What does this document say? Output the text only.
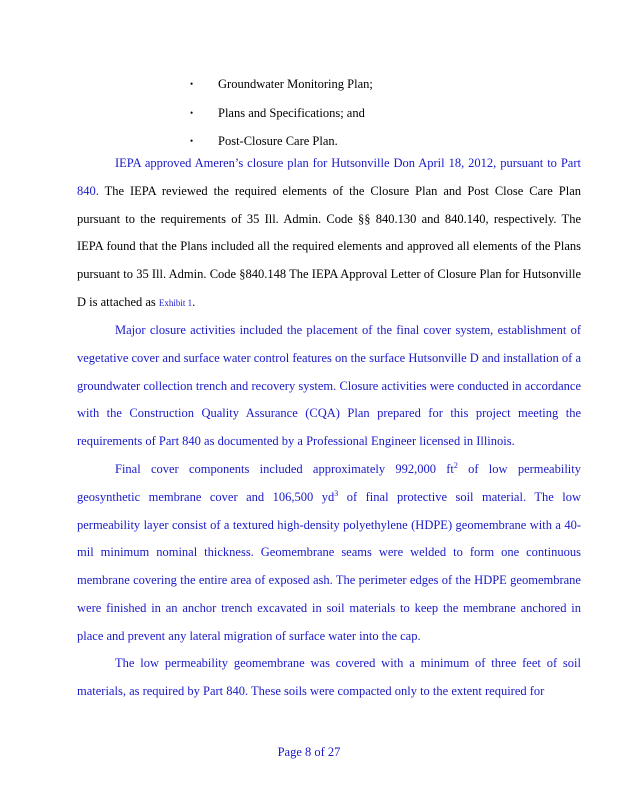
• Groundwater Monitoring Plan;
• Plans and Specifications; and
• Post-Closure Care Plan.

IEPA approved Ameren’s closure plan for Hutsonville Don April 18, 2012, pursuant to Part 840. The IEPA reviewed the required elements of the Closure Plan and Post Close Care Plan pursuant to the requirements of 35 Ill. Admin. Code §§ 840.130 and 840.140, respectively. The IEPA found that the Plans included all the required elements and approved all elements of the Plans pursuant to 35 Ill. Admin. Code §840.148 The IEPA Approval Letter of Closure Plan for Hutsonville D is attached as Exhibit 1.

Major closure activities included the placement of the final cover system, establishment of vegetative cover and surface water control features on the surface Hutsonville D and installation of a groundwater collection trench and recovery system. Closure activities were conducted in accordance with the Construction Quality Assurance (CQA) Plan prepared for this project meeting the requirements of Part 840 as documented by a Professional Engineer licensed in Illinois.

Final cover components included approximately 992,000 $ft^2$ of low permeability geosynthetic membrane cover and 106,500 $yd^3$ of final protective soil material. The low permeability layer consist of a textured high-density polyethylene (HDPE) geomembrane with a 40-mil minimum nominal thickness. Geomembrane seams were welded to form one continuous membrane covering the entire area of exposed ash. The perimeter edges of the HDPE geomembrane were finished in an anchor trench excavated in soil materials to keep the membrane anchored in place and prevent any lateral migration of surface water into the cap.

The low permeability geomembrane was covered with a minimum of three feet of soil materials, as required by Part 840. These soils were compacted only to the extent required for

Page 8 of 27
